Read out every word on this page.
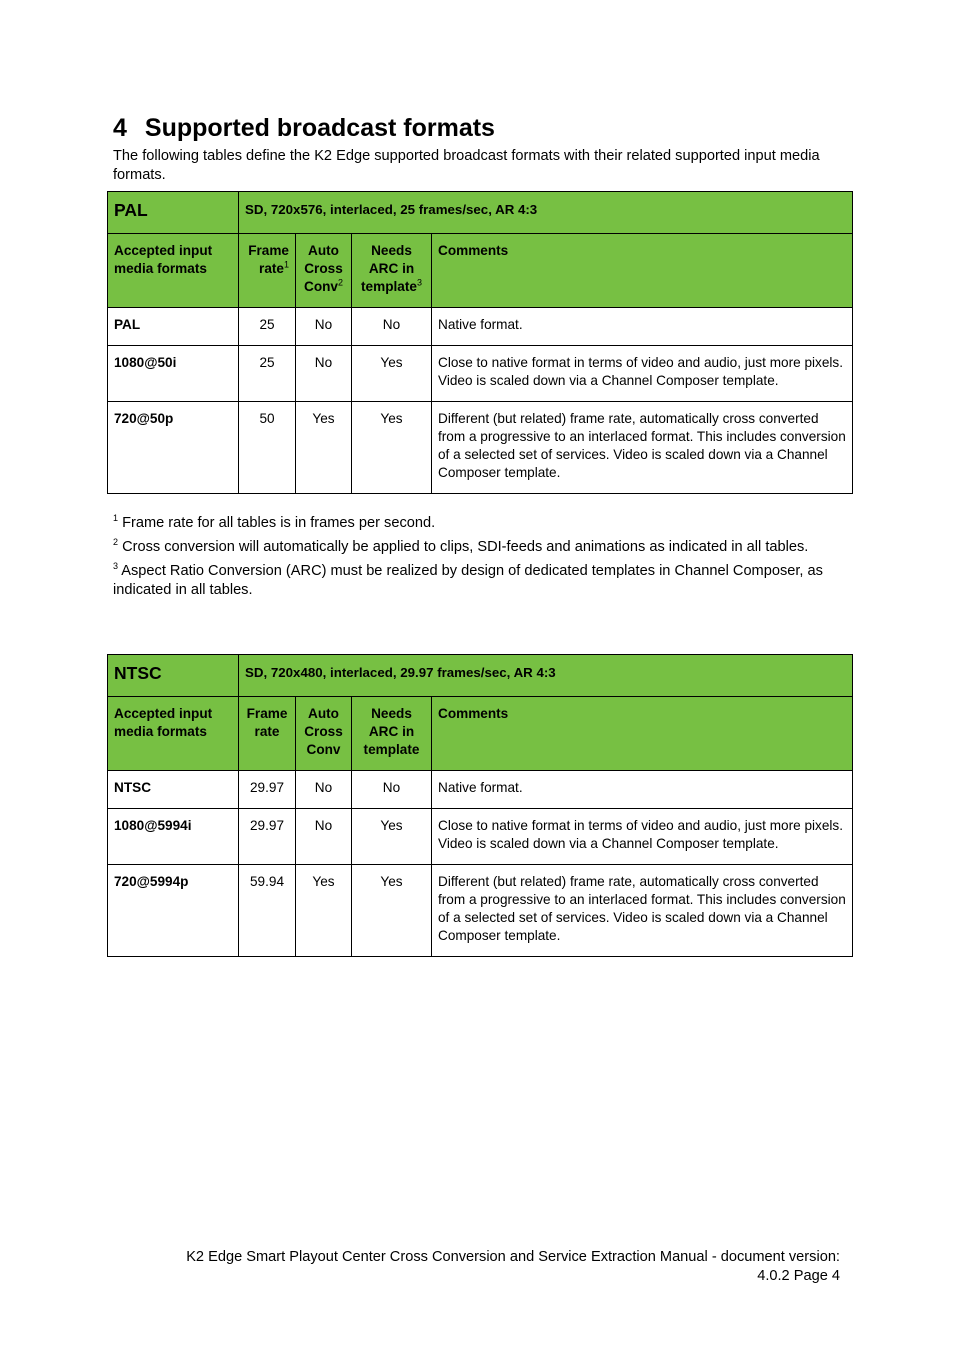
4 Supported broadcast formats

The following tables define the K2 Edge supported broadcast formats with their related supported input media formats.

PAL	SD, 720x576, interlaced, 25 frames/sec, AR 4:3			
Accepted input media formats	Frame rate$^1$	Auto Cross Conv$^2$	Needs ARC in template$^3$	Comments
PAL	25	No	No	Native format.
1080@50i	25	No	Yes	Close to native format in terms of video and audio, just more pixels. Video is scaled down via a Channel Composer template.
720@50p	50	Yes	Yes	Different (but related) frame rate, automatically cross converted from a progressive to an interlaced format. This includes conversion of a selected set of services. Video is scaled down via a Channel Composer template.

$^1$ Frame rate for all tables is in frames per second.

$^2$ Cross conversion will automatically be applied to clips, SDI-feeds and animations as indicated in all tables.

$^3$ Aspect Ratio Conversion (ARC) must be realized by design of dedicated templates in Channel Composer, as indicated in all tables.

NTSC	SD, 720x480, interlaced, 29.97 frames/sec, AR 4:3			
Accepted input media formats	Frame rate	Auto Cross Conv	Needs ARC in template	Comments
NTSC	29.97	No	No	Native format.
1080@5994i	29.97	No	Yes	Close to native format in terms of video and audio, just more pixels. Video is scaled down via a Channel Composer template.
720@5994p	59.94	Yes	Yes	Different (but related) frame rate, automatically cross converted from a progressive to an interlaced format. This includes conversion of a selected set of services. Video is scaled down via a Channel Composer template.
K2 Edge Smart Playout Center Cross Conversion and Service Extraction Manual - document version:
4.0.2 Page 4
